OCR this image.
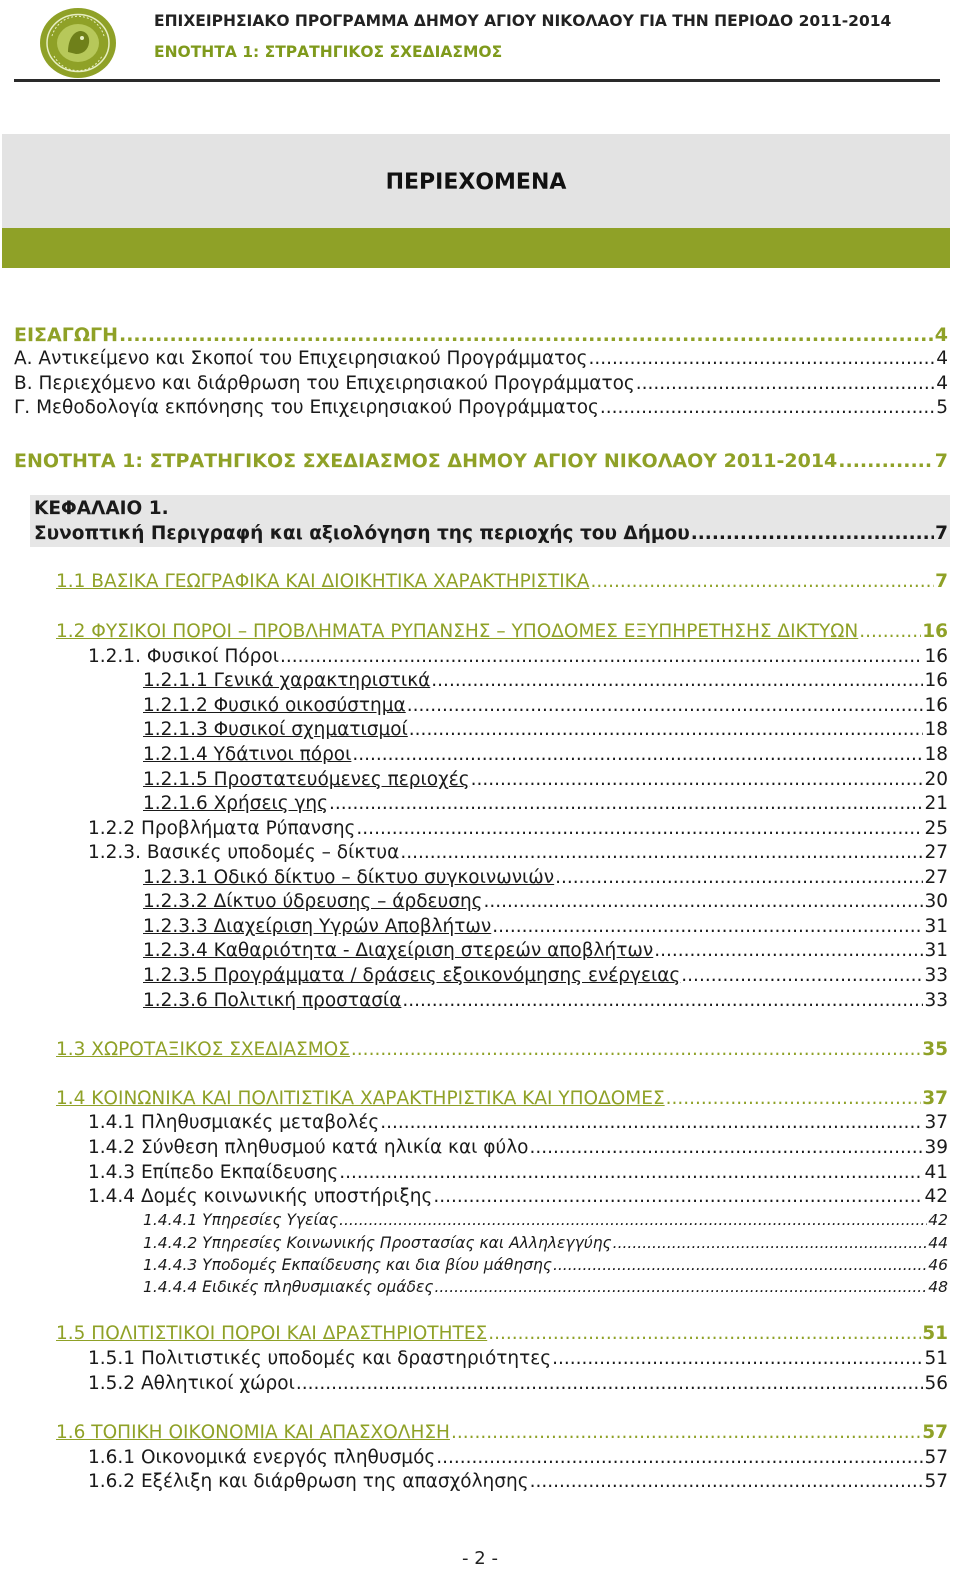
ΕΠΙΧΕΙΡΗΣΙΑΚΟ ΠΡΟΓΡΑΜΜΑ ΔΗΜΟΥ ΑΓΙΟΥ ΝΙΚΟΛΑΟΥ ΓΙΑ ΤΗΝ ΠΕΡΙΟΔΟ 2011-2014
ΕΝΟΤΗΤΑ 1: ΣΤΡΑΤΗΓΙΚΟΣ ΣΧΕΔΙΑΣΜΟΣ
ΠΕΡΙΕΧΟΜΕΝΑ
ΕΙΣΑΓΩΓΗ .....	4
Α. Αντικείμενο και Σκοποί του Επιχειρησιακού Προγράμματος .....	4
Β. Περιεχόμενο και διάρθρωση του Επιχειρησιακού Προγράμματος .....	4
Γ. Μεθοδολογία εκπόνησης του Επιχειρησιακού Προγράμματος .....	5
ΕΝΟΤΗΤΑ 1: ΣΤΡΑΤΗΓΙΚΟΣ ΣΧΕΔΙΑΣΜΟΣ ΔΗΜΟΥ ΑΓΙΟΥ ΝΙΚΟΛΑΟΥ 2011-2014 .....	7
ΚΕΦΑΛΑΙΟ 1.
Συνοπτική Περιγραφή και αξιολόγηση της περιοχής του Δήμου .....	7
1.1 ΒΑΣΙΚΑ ΓΕΩΓΡΑΦΙΚΑ ΚΑΙ ΔΙΟΙΚΗΤΙΚΑ ΧΑΡΑΚΤΗΡΙΣΤΙΚΑ .....	7
1.2 ΦΥΣΙΚΟΙ ΠΟΡΟΙ – ΠΡΟΒΛΗΜΑΤΑ ΡΥΠΑΝΣΗΣ – ΥΠΟΔΟΜΕΣ ΕΞΥΠΗΡΕΤΗΣΗΣ ΔΙΚΤΥΩΝ .....	16
1.2.1. Φυσικοί Πόροι .....	16
1.2.1.1 Γενικά χαρακτηριστικά .....	16
1.2.1.2 Φυσικό οικοσύστημα .....	16
1.2.1.3 Φυσικοί σχηματισμοί .....	18
1.2.1.4 Υδάτινοι πόροι .....	18
1.2.1.5 Προστατευόμενες περιοχές .....	20
1.2.1.6 Χρήσεις γης .....	21
1.2.2 Προβλήματα Ρύπανσης .....	25
1.2.3. Βασικές υποδομές – δίκτυα .....	27
1.2.3.1 Οδικό δίκτυο – δίκτυο συγκοινωνιών .....	27
1.2.3.2 Δίκτυο ύδρευσης – άρδευσης .....	30
1.2.3.3 Διαχείριση Υγρών Αποβλήτων .....	31
1.2.3.4 Καθαριότητα - Διαχείριση στερεών αποβλήτων .....	31
1.2.3.5 Προγράμματα / δράσεις εξοικονόμησης ενέργειας .....	33
1.2.3.6 Πολιτική προστασία .....	33
1.3 ΧΩΡΟΤΑΞΙΚΟΣ ΣΧΕΔΙΑΣΜΟΣ .....	35
1.4 ΚΟΙΝΩΝΙΚΑ ΚΑΙ ΠΟΛΙΤΙΣΤΙΚΑ ΧΑΡΑΚΤΗΡΙΣΤΙΚΑ ΚΑΙ ΥΠΟΔΟΜΕΣ .....	37
1.4.1 Πληθυσμιακές μεταβολές .....	37
1.4.2 Σύνθεση πληθυσμού κατά ηλικία και φύλο .....	39
1.4.3 Επίπεδο Εκπαίδευσης .....	41
1.4.4 Δομές κοινωνικής υποστήριξης .....	42
1.4.4.1 Υπηρεσίες Υγείας .....	42
1.4.4.2 Υπηρεσίες Κοινωνικής Προστασίας και Αλληλεγγύης .....	44
1.4.4.3 Υποδομές Εκπαίδευσης και δια βίου μάθησης .....	46
1.4.4.4 Ειδικές πληθυσμιακές ομάδες .....	48
1.5 ΠΟΛΙΤΙΣΤΙΚΟΙ ΠΟΡΟΙ ΚΑΙ ΔΡΑΣΤΗΡΙΟΤΗΤΕΣ .....	51
1.5.1 Πολιτιστικές υποδομές και δραστηριότητες .....	51
1.5.2 Αθλητικοί χώροι .....	56
1.6 ΤΟΠΙΚΗ ΟΙΚΟΝΟΜΙΑ ΚΑΙ ΑΠΑΣΧΟΛΗΣΗ .....	57
1.6.1 Οικονομικά ενεργός πληθυσμός .....	57
1.6.2 Εξέλιξη και διάρθρωση της απασχόλησης .....	57
- 2 -
